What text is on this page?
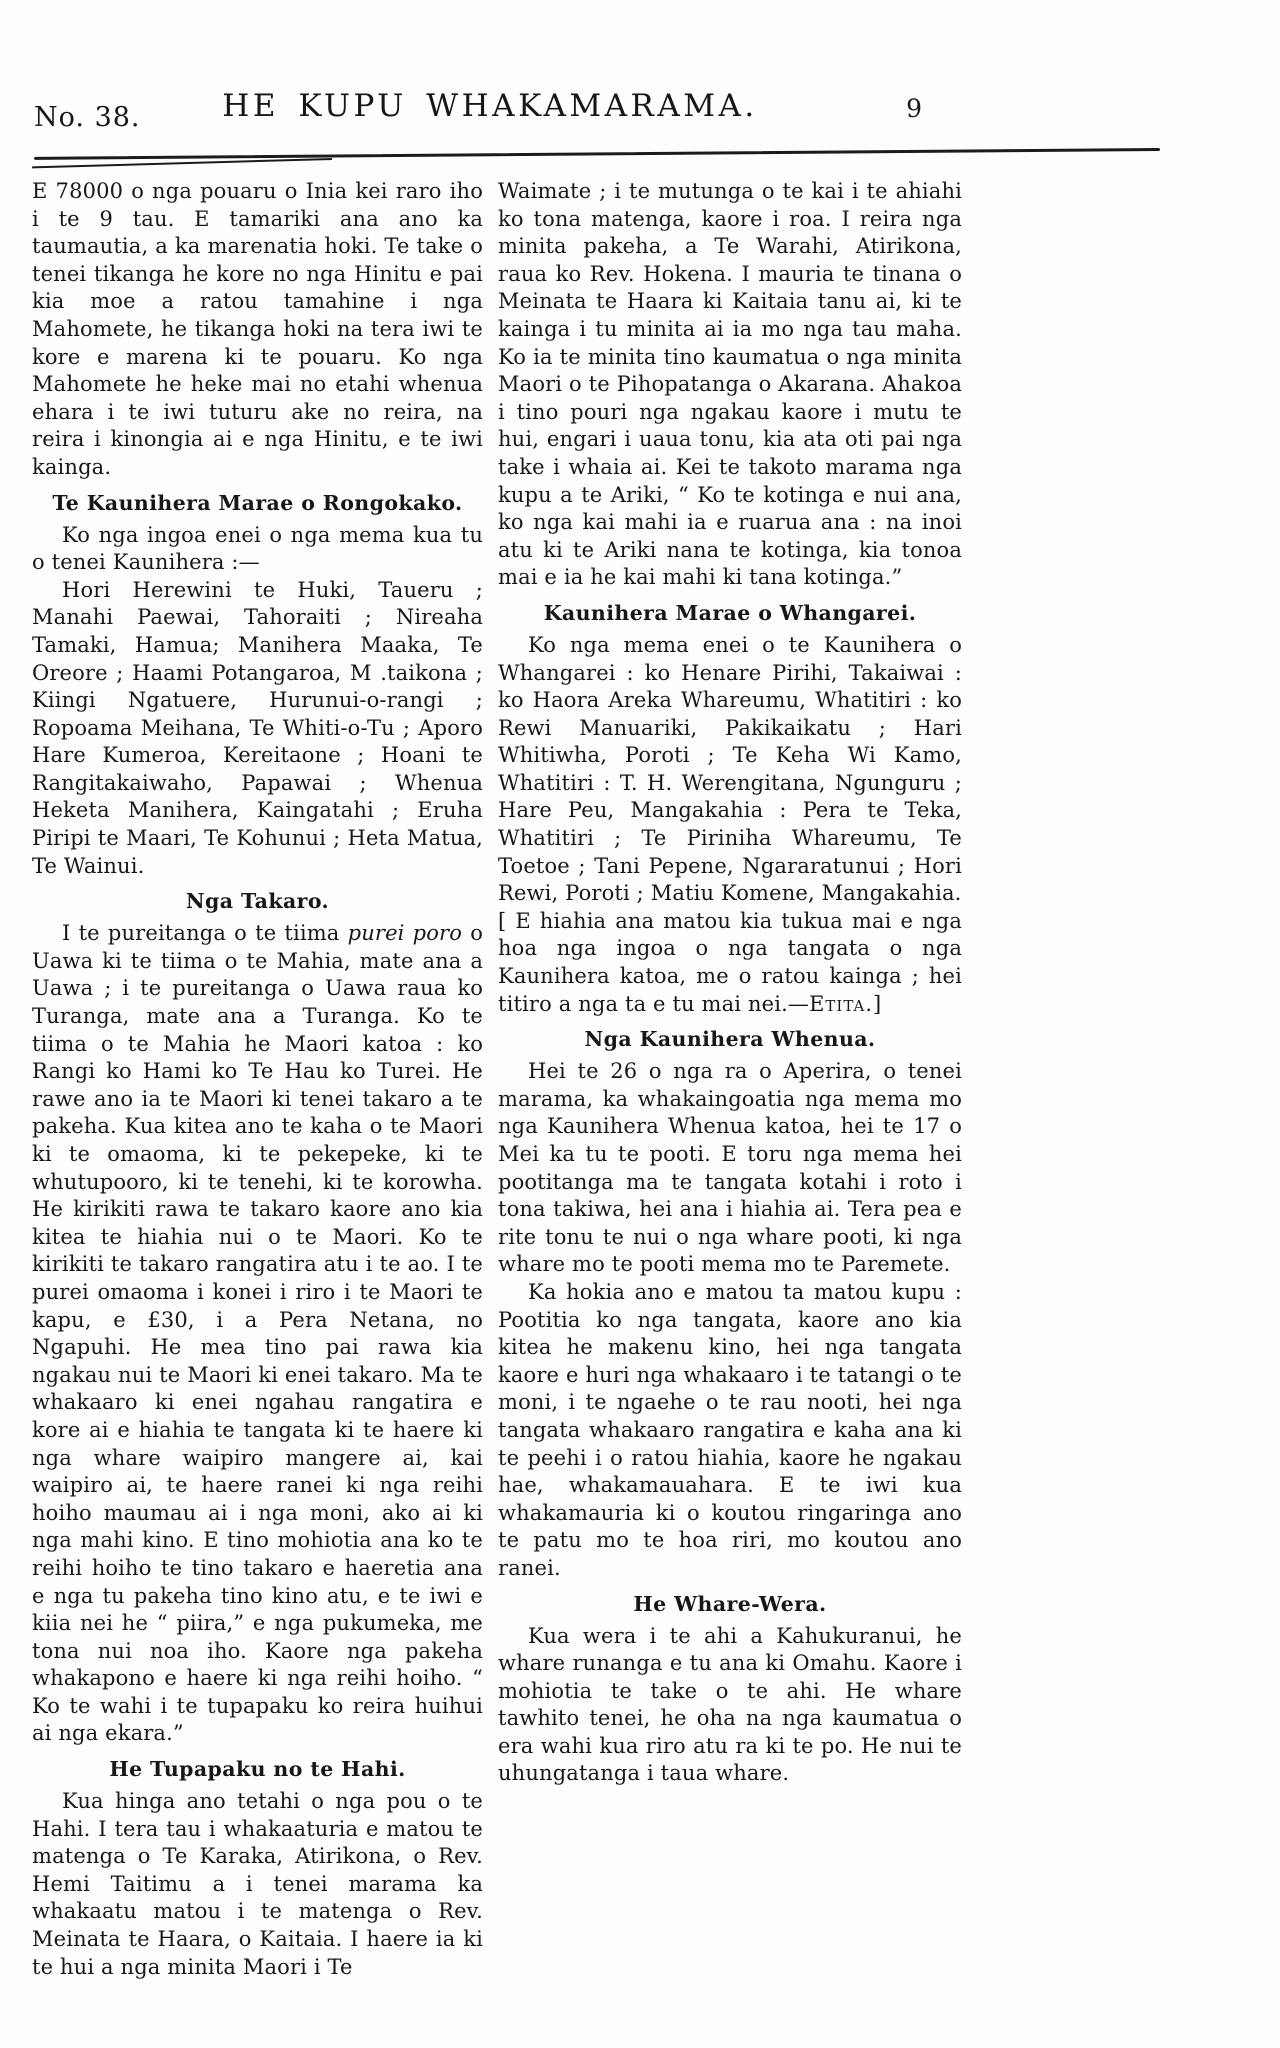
No. 38.	HE KUPU WHAKAMARAMA.	9

E 78000 o nga pouaru o Inia kei raro iho i te 9 tau. E tamariki ana ano ka taumautia, a ka marenatia hoki. Te take o tenei tikanga he kore no nga Hinitu e pai kia moe a ratou tamahine i nga Mahomete, he tikanga hoki na tera iwi te kore e marena ki te pouaru. Ko nga Mahomete he heke mai no etahi whenua ehara i te iwi tuturu ake no reira, na reira i kinongia ai e nga Hinitu, e te iwi kainga.

Te Kaunihera Marae o Rongokako.

Ko nga ingoa enei o nga mema kua tu o tenei Kaunihera :—

Hori Herewini te Huki, Taueru ; Manahi Paewai, Tahoraiti ; Nireaha Tamaki, Hamua; Manihera Maaka, Te Oreore ; Haami Potangaroa, M .taikona ; Kiingi Ngatuere, Hurunui-o-rangi ; Ropoama Meihana, Te Whiti-o-Tu ; Aporo Hare Kumeroa, Kereitaone ; Hoani te Rangitakaiwaho, Papawai ; Whenua Heketa Manihera, Kaingatahi ; Eruha Piripi te Maari, Te Kohunui ; Heta Matua, Te Wainui.

Nga Takaro.

I te pureitanga o te tiima purei poro o Uawa ki te tiima o te Mahia, mate ana a Uawa ; i te pureitanga o Uawa raua ko Turanga, mate ana a Turanga. Ko te tiima o te Mahia he Maori katoa : ko Rangi ko Hami ko Te Hau ko Turei. He rawe ano ia te Maori ki tenei takaro a te pakeha. Kua kitea ano te kaha o te Maori ki te omaoma, ki te pekepeke, ki te whutupooro, ki te tenehi, ki te korowha. He kirikiti rawa te takaro kaore ano kia kitea te hiahia nui o te Maori. Ko te kirikiti te takaro rangatira atu i te ao. I te purei omaoma i konei i riro i te Maori te kapu, e £30, i a Pera Netana, no Ngapuhi. He mea tino pai rawa kia ngakau nui te Maori ki enei takaro. Ma te whakaaro ki enei ngahau rangatira e kore ai e hiahia te tangata ki te haere ki nga whare waipiro mangere ai, kai waipiro ai, te haere ranei ki nga reihi hoiho maumau ai i nga moni, ako ai ki nga mahi kino. E tino mohiotia ana ko te reihi hoiho te tino takaro e haeretia ana e nga tu pakeha tino kino atu, e te iwi e kiia nei he “ piira,” e nga pukumeka, me tona nui noa iho. Kaore nga pakeha whakapono e haere ki nga reihi hoiho. “ Ko te wahi i te tupapaku ko reira huihui ai nga ekara.”

He Tupapaku no te Hahi.

Kua hinga ano tetahi o nga pou o te Hahi. I tera tau i whakaaturia e matou te matenga o Te Karaka, Atirikona, o Rev. Hemi Taitimu a i tenei marama ka whakaatu matou i te matenga o Rev. Meinata te Haara, o Kaitaia. I haere ia ki te hui a nga minita Maori i Te

Waimate ; i te mutunga o te kai i te ahiahi ko tona matenga, kaore i roa. I reira nga minita pakeha, a Te Warahi, Atirikona, raua ko Rev. Hokena. I mauria te tinana o Meinata te Haara ki Kaitaia tanu ai, ki te kainga i tu minita ai ia mo nga tau maha. Ko ia te minita tino kaumatua o nga minita Maori o te Pihopatanga o Akarana. Ahakoa i tino pouri nga ngakau kaore i mutu te hui, engari i uaua tonu, kia ata oti pai nga take i whaia ai. Kei te takoto marama nga kupu a te Ariki, “ Ko te kotinga e nui ana, ko nga kai mahi ia e ruarua ana : na inoi atu ki te Ariki nana te kotinga, kia tonoa mai e ia he kai mahi ki tana kotinga.”

Kaunihera Marae o Whangarei.

Ko nga mema enei o te Kaunihera o Whangarei : ko Henare Pirihi, Takaiwai : ko Haora Areka Whareumu, Whatitiri : ko Rewi Manuariki, Pakikaikatu ; Hari Whitiwha, Poroti ; Te Keha Wi Kamo, Whatitiri : T. H. Werengitana, Ngunguru ; Hare Peu, Mangakahia : Pera te Teka, Whatitiri ; Te Piriniha Whareumu, Te Toetoe ; Tani Pepene, Ngararatunui ; Hori Rewi, Poroti ; Matiu Komene, Mangakahia.

[ E hiahia ana matou kia tukua mai e nga hoa nga ingoa o nga tangata o nga Kaunihera katoa, me o ratou kainga ; hei titiro a nga ta e tu mai nei.—Etita.]

Nga Kaunihera Whenua.

Hei te 26 o nga ra o Aperira, o tenei marama, ka whakaingoatia nga mema mo nga Kaunihera Whenua katoa, hei te 17 o Mei ka tu te pooti. E toru nga mema hei pootitanga ma te tangata kotahi i roto i tona takiwa, hei ana i hiahia ai. Tera pea e rite tonu te nui o nga whare pooti, ki nga whare mo te pooti mema mo te Paremete.

Ka hokia ano e matou ta matou kupu : Pootitia ko nga tangata, kaore ano kia kitea he makenu kino, hei nga tangata kaore e huri nga whakaaro i te tatangi o te moni, i te ngaehe o te rau nooti, hei nga tangata whakaaro rangatira e kaha ana ki te peehi i o ratou hiahia, kaore he ngakau hae, whakamauahara. E te iwi kua whakamauria ki o koutou ringaringa ano te patu mo te hoa riri, mo koutou ano ranei.

He Whare-Wera.

Kua wera i te ahi a Kahukuranui, he whare runanga e tu ana ki Omahu. Kaore i mohiotia te take o te ahi. He whare tawhito tenei, he oha na nga kaumatua o era wahi kua riro atu ra ki te po. He nui te uhungatanga i taua whare.
